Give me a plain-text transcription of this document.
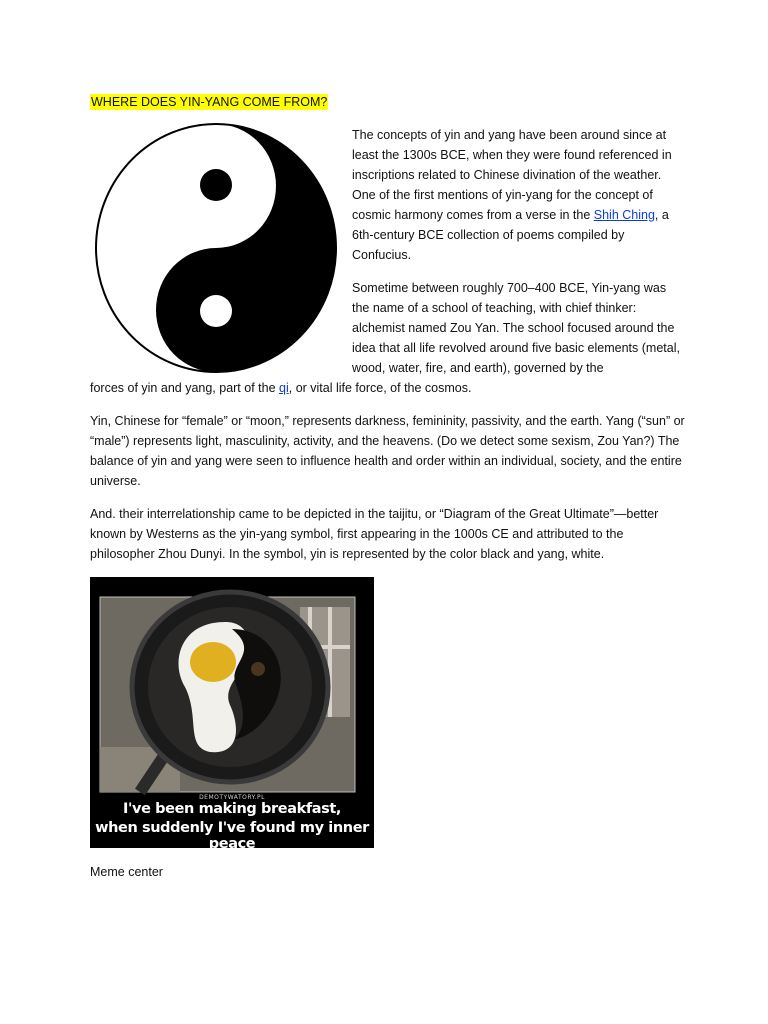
WHERE DOES YIN-YANG COME FROM?

The concepts of yin and yang have been around since at least the 1300s BCE, when they were found referenced in inscriptions related to Chinese divination of the weather. One of the first mentions of yin-yang for the concept of cosmic harmony comes from a verse in the Shih Ching, a 6th-century BCE collection of poems compiled by Confucius.

Sometime between roughly 700–400 BCE, Yin-yang was the name of a school of teaching, with chief thinker: alchemist named Zou Yan. The school focused around the idea that all life revolved around five basic elements (metal, wood, water, fire, and earth), governed by the

forces of yin and yang, part of the qi, or vital life force, of the cosmos.

Yin, Chinese for “female” or “moon,” represents darkness, femininity, passivity, and the earth. Yang (“sun” or “male”) represents light, masculinity, activity, and the heavens. (Do we detect some sexism, Zou Yan?) The balance of yin and yang were seen to influence health and order within an individual, society, and the entire universe.

And. their interrelationship came to be depicted in the taijitu, or “Diagram of the Great Ultimate”—better known by Westerns as the yin-yang symbol, first appearing in the 1000s CE and attributed to the philosopher Zhou Dunyi. In the symbol, yin is represented by the color black and yang, white.

DEMOTYWATORY.PL
I've been making breakfast,
when suddenly I've found my inner peace

Meme center
